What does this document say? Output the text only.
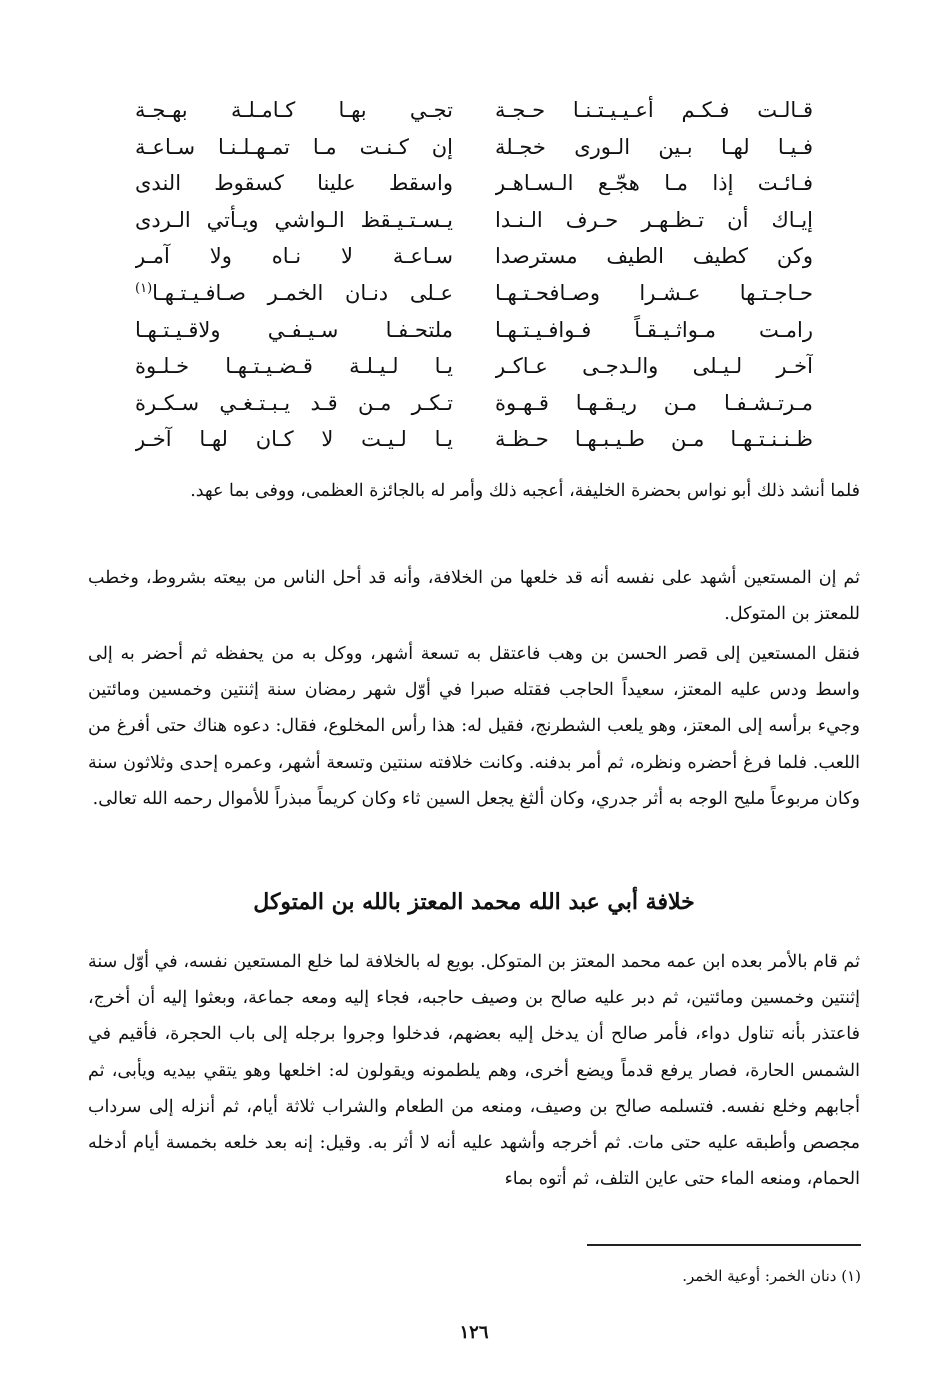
قـالـت فـكـم أعـيـيـتـنـا حـجـة
فـيـا لهـا بـين الـورى خجـلة
فـائـت إذا مـا هجّـع الـسـاهـر
إيـاك أن تـظـهـر حـرف الـنـدا
وكن كطيف الطيف مسترصدا
حـاجـتـها عـشـرا وصـافحـتـهـا
رامـت مـواثـيـقـاً فـوافـيـتـهـا
آخـر لـيـلى والـدجـى عـاكـر
مـرتـشـفـا مـن ريـقـهـا قـهـوة
ظـنـنـتـهـا مـن طـيـبـهـا حـظـة
تجـي بهـا كـامـلـة بهـجـة
إن كـنـت مـا تمـهـلـنـا سـاعـة
واسقط علينا كسقوط الندى
يـسـتـيـقظ الـواشي ويـأتي الـردى
سـاعـة لا نـاه ولا آمـر
عـلى دنـان الخمـر صـافـيـتـهـا$^{(١)}$
ملتحـفـا سـيـفـي ولاقـيـتـهـا
يـا لـيـلـة قـضـيـتـهـا خـلـوة
تـكـر مـن قـد يـبـتـغـي سـكـرة
يـا لـيـت لا كـان لهـا آخـر

فلما أنشد ذلك أبو نواس بحضرة الخليفة، أعجبه ذلك وأمر له بالجائزة العظمى، ووفى بما عهد.

ثم إن المستعين أشهد على نفسه أنه قد خلعها من الخلافة، وأنه قد أحل الناس من بيعته بشروط، وخطب للمعتز بن المتوكل.

فنقل المستعين إلى قصر الحسن بن وهب فاعتقل به تسعة أشهر، ووكل به من يحفظه ثم أحضر به إلى واسط ودس عليه المعتز، سعيداً الحاجب فقتله صبرا في أوّل شهر رمضان سنة إثنتين وخمسين ومائتين وجيء برأسه إلى المعتز، وهو يلعب الشطرنج، فقيل له: هذا رأس المخلوع، فقال: دعوه هناك حتى أفرغ من اللعب. فلما فرغ أحضره ونظره، ثم أمر بدفنه. وكانت خلافته سنتين وتسعة أشهر، وعمره إحدى وثلاثون سنة وكان مربوعاً مليح الوجه به أثر جدري، وكان ألثغ يجعل السين ثاء وكان كريماً مبذراً للأموال رحمه الله تعالى.

خلافة أبي عبد الله محمد المعتز بالله بن المتوكل

ثم قام بالأمر بعده ابن عمه محمد المعتز بن المتوكل. بويع له بالخلافة لما خلع المستعين نفسه، في أوّل سنة إثنتين وخمسين ومائتين، ثم دبر عليه صالح بن وصيف حاجبه، فجاء إليه ومعه جماعة، وبعثوا إليه أن أخرج، فاعتذر بأنه تناول دواء، فأمر صالح أن يدخل إليه بعضهم، فدخلوا وجروا برجله إلى باب الحجرة، فأقيم في الشمس الحارة، فصار يرفع قدماً ويضع أخرى، وهم يلطمونه ويقولون له: اخلعها وهو يتقي بيديه ويأبى، ثم أجابهم وخلع نفسه. فتسلمه صالح بن وصيف، ومنعه من الطعام والشراب ثلاثة أيام، ثم أنزله إلى سرداب مجصص وأطبقه عليه حتى مات. ثم أخرجه وأشهد عليه أنه لا أثر به. وقيل: إنه بعد خلعه بخمسة أيام أدخله الحمام، ومنعه الماء حتى عاين التلف، ثم أتوه بماء

(١) دنان الخمر: أوعية الخمر.
١٢٦
